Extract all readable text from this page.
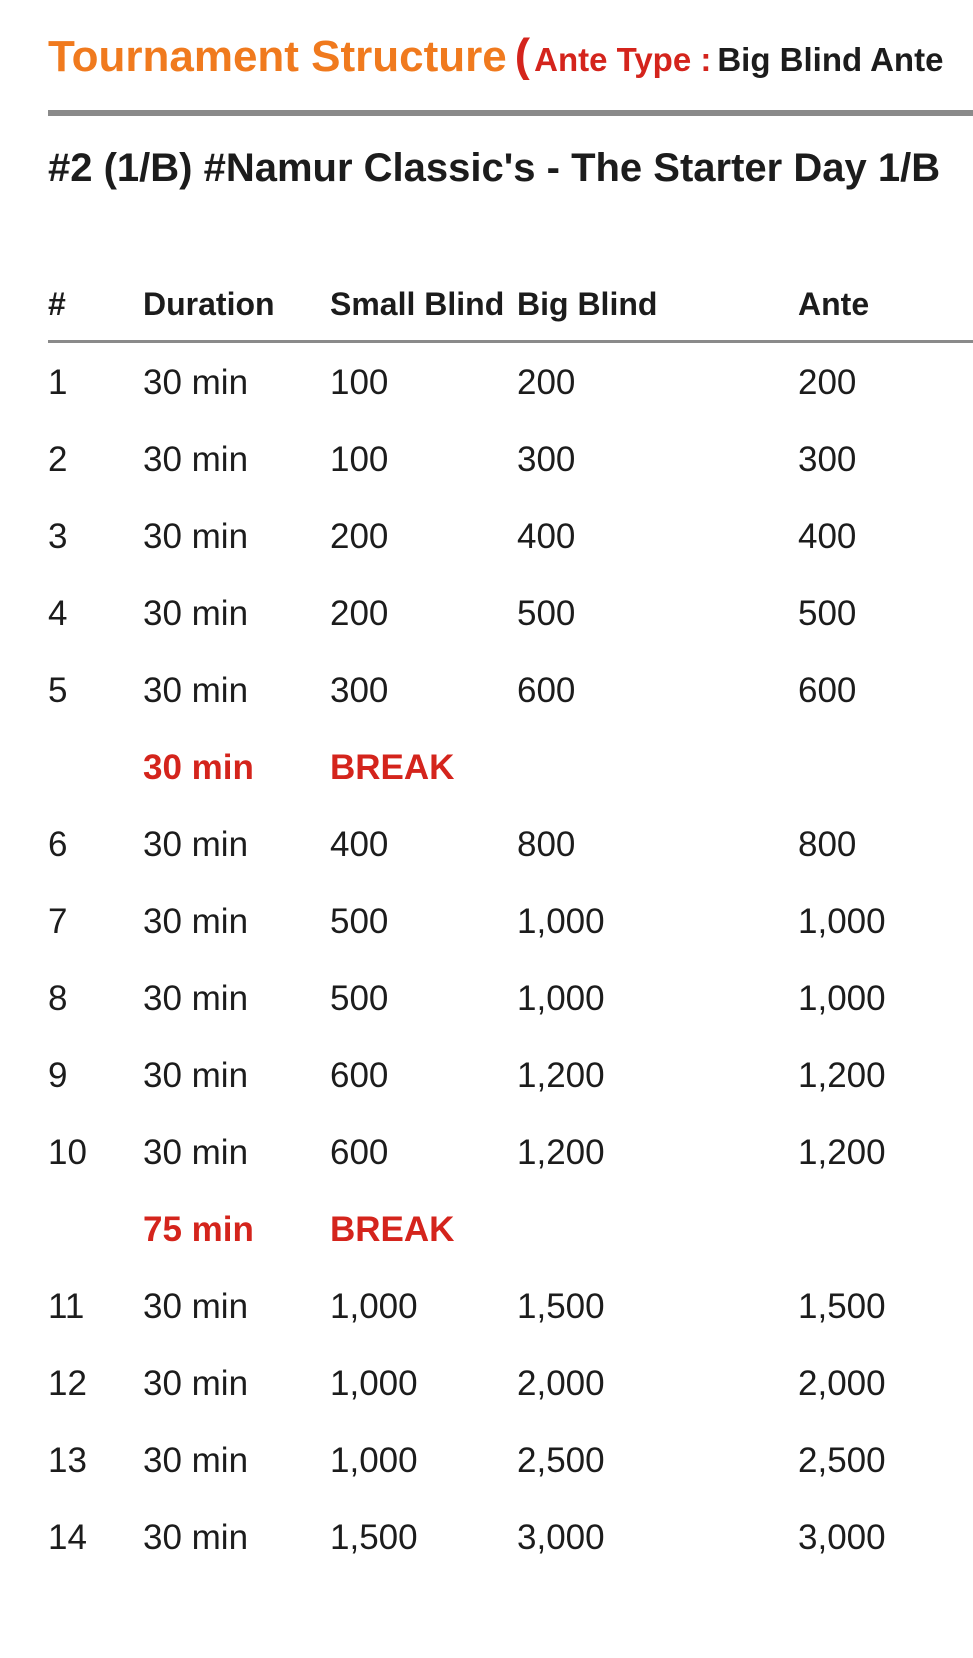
Tournament Structure ( Ante Type : Big Blind Ante
#2 (1/B) #Namur Classic's - The Starter Day 1/B
# Duration Small Blind Big Blind	Ante
1 30 min 100	200	200
2 30 min 100	300	300
3 30 min 200	400	400
4 30 min 200	500	500
5 30 min 300	600	600
30 min BREAK
6 30 min 400	800	800
7 30 min 500	1,000	1,000
8 30 min 500	1,000	1,000
9 30 min 600	1,200	1,200
10 30 min 600	1,200	1,200
75 min BREAK
11 30 min 1,000	1,500	1,500
12 30 min 1,000	2,000	2,000
13 30 min 1,000	2,500	2,500
14 30 min 1,500	3,000	3,000
